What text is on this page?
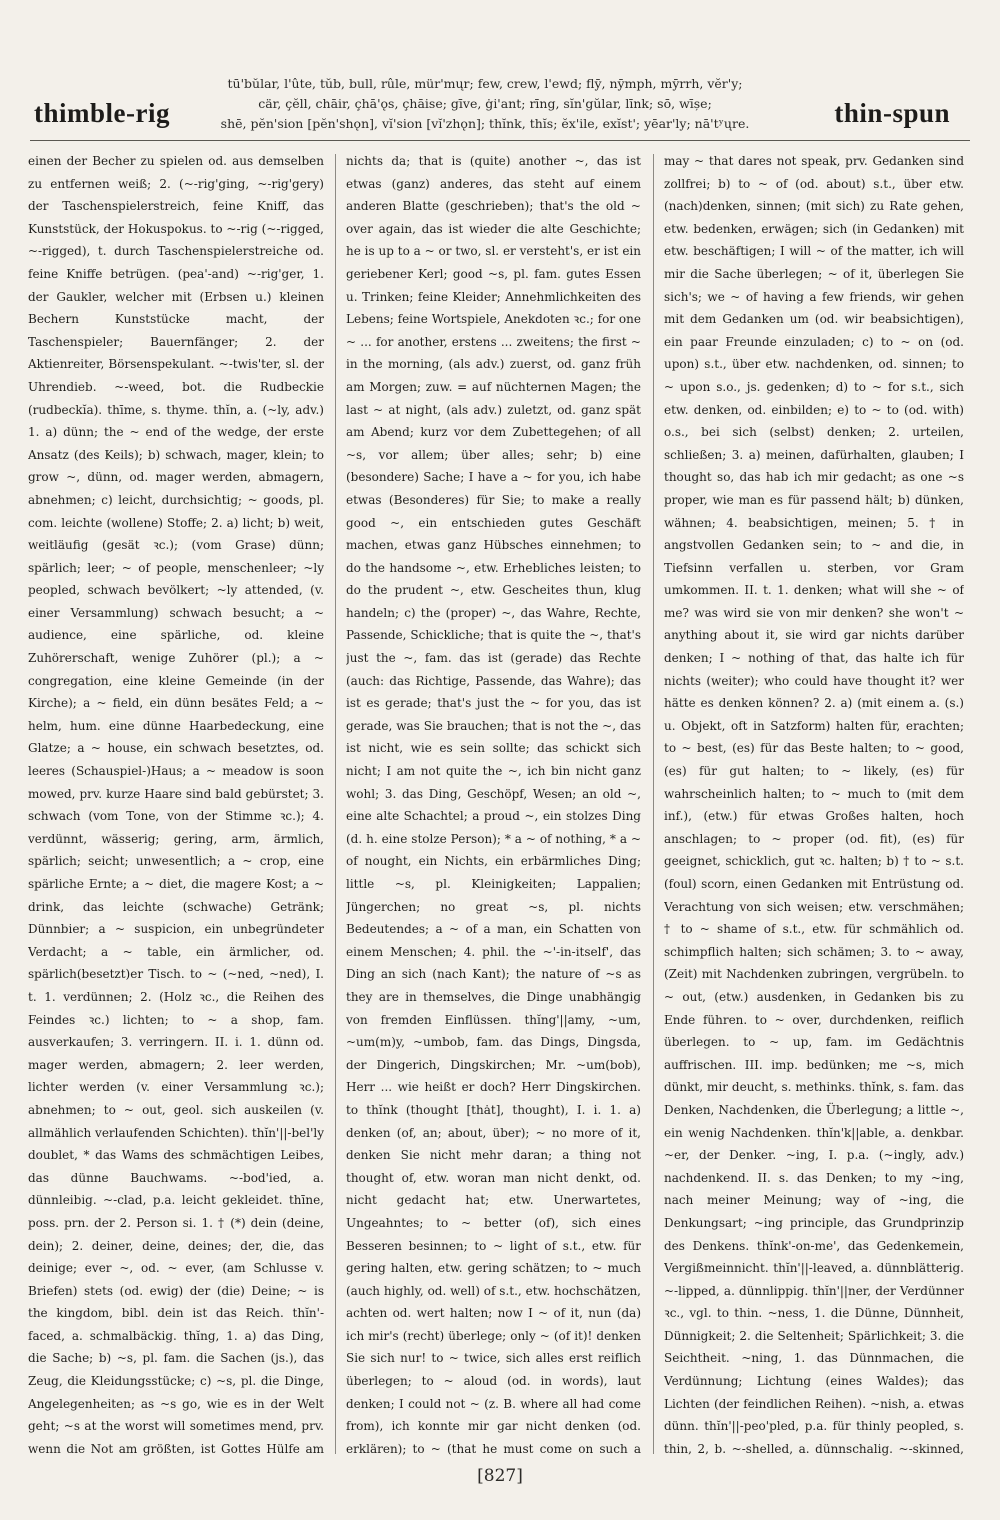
thimble-rig
tū'bŭlar, l'ûte, tŭb, bull, rûle, mür'mųr; few, crew, l'ewd; flȳ, nȳmph, mȳrrh, vĕr'y;
cär, çĕll, chāir, çhā'ǫs, çhāise; gīve, ġi'ant; rīng, sĭn'gŭlar, līnk; sō, wīșe;
shē, pĕn'sion [pĕn'shǫn], vĭ'sion [vĭ'zhǫn]; thĭnk, thĭs; ĕx'ile, exĭst'; yēar'ly; nā'tʸųre.	thin-spun

einen der Becher zu spielen od. aus demselben zu entfernen weiß; 2. (~-rig'ging, ~-rig'gery) der Taschenspielerstreich, feine Kniff, das Kunststück, der Hokuspokus. to ~-rig (~-rigged, ~-rigged), t. durch Taschenspielerstreiche od. feine Kniffe betrügen. (pea'-and) ~-rig'ger, 1. der Gaukler, welcher mit (Erbsen u.) kleinen Bechern Kunststücke macht, der Taschenspieler; Bauernfänger; 2. der Aktienreiter, Börsenspekulant. ~-twis'ter, sl. der Uhrendieb. ~-weed, bot. die Rudbeckie (rudbeckĭa). thīme, s. thyme. thĭn, a. (~ly, adv.) 1. a) dünn; the ~ end of the wedge, der erste Ansatz (des Keils); b) schwach, mager, klein; to grow ~, dünn, od. mager werden, abmagern, abnehmen; c) leicht, durchsichtig; ~ goods, pl. com. leichte (wollene) Stoffe; 2. a) licht; b) weit, weitläufig (gesät ꝛc.); (vom Grase) dünn; spärlich; leer; ~ of people, menschenleer; ~ly peopled, schwach bevölkert; ~ly attended, (v. einer Versammlung) schwach besucht; a ~ audience, eine spärliche, od. kleine Zuhörerschaft, wenige Zuhörer (pl.); a ~ congregation, eine kleine Gemeinde (in der Kirche); a ~ field, ein dünn besätes Feld; a ~ helm, hum. eine dünne Haarbedeckung, eine Glatze; a ~ house, ein schwach besetztes, od. leeres (Schauspiel-)Haus; a ~ meadow is soon mowed, prv. kurze Haare sind bald gebürstet; 3. schwach (vom Tone, von der Stimme ꝛc.); 4. verdünnt, wässerig; gering, arm, ärmlich, spärlich; seicht; unwesentlich; a ~ crop, eine spärliche Ernte; a ~ diet, die magere Kost; a ~ drink, das leichte (schwache) Getränk; Dünnbier; a ~ suspicion, ein unbegründeter Verdacht; a ~ table, ein ärmlicher, od. spärlich(besetzt)er Tisch. to ~ (~ned, ~ned), I. t. 1. verdünnen; 2. (Holz ꝛc., die Reihen des Feindes ꝛc.) lichten; to ~ a shop, fam. ausverkaufen; 3. verringern. II. i. 1. dünn od. mager werden, abmagern; 2. leer werden, lichter werden (v. einer Versammlung ꝛc.); abnehmen; to ~ out, geol. sich auskeilen (v. allmählich verlaufenden Schichten). thĭn'||-bel'ly doublet, * das Wams des schmächtigen Leibes, das dünne Bauchwams. ~-bod'ied, a. dünnleibig. ~-clad, p.a. leicht gekleidet. thīne, poss. prn. der 2. Person si. 1. † (*) dein (deine, dein); 2. deiner, deine, deines; der, die, das deinige; ever ~, od. ~ ever, (am Schlusse v. Briefen) stets (od. ewig) der (die) Deine; ~ is the kingdom, bibl. dein ist das Reich. thĭn'-faced, a. schmalbäckig. thĭng, 1. a) das Ding, die Sache; b) ~s, pl. fam. die Sachen (js.), das Zeug, die Kleidungsstücke; c) ~s, pl. die Dinge, Angelegenheiten; as ~s go, wie es in der Welt geht; ~s at the worst will sometimes mend, prv. wenn die Not am größten, ist Gottes Hülfe am

nichts da; that is (quite) another ~, das ist etwas (ganz) anderes, das steht auf einem anderen Blatte (geschrieben); that's the old ~ over again, das ist wieder die alte Geschichte; he is up to a ~ or two, sl. er versteht's, er ist ein geriebener Kerl; good ~s, pl. fam. gutes Essen u. Trinken; feine Kleider; Annehmlichkeiten des Lebens; feine Wortspiele, Anekdoten ꝛc.; for one ~ ... for another, erstens ... zweitens; the first ~ in the morning, (als adv.) zuerst, od. ganz früh am Morgen; zuw. = auf nüchternen Magen; the last ~ at night, (als adv.) zuletzt, od. ganz spät am Abend; kurz vor dem Zubettegehen; of all ~s, vor allem; über alles; sehr; b) eine (besondere) Sache; I have a ~ for you, ich habe etwas (Besonderes) für Sie; to make a really good ~, ein entschieden gutes Geschäft machen, etwas ganz Hübsches einnehmen; to do the handsome ~, etw. Erhebliches leisten; to do the prudent ~, etw. Gescheites thun, klug handeln; c) the (proper) ~, das Wahre, Rechte, Passende, Schickliche; that is quite the ~, that's just the ~, fam. das ist (gerade) das Rechte (auch: das Richtige, Passende, das Wahre); das ist es gerade; that's just the ~ for you, das ist gerade, was Sie brauchen; that is not the ~, das ist nicht, wie es sein sollte; das schickt sich nicht; I am not quite the ~, ich bin nicht ganz wohl; 3. das Ding, Geschöpf, Wesen; an old ~, eine alte Schachtel; a proud ~, ein stolzes Ding (d. h. eine stolze Person); * a ~ of nothing, * a ~ of nought, ein Nichts, ein erbärmliches Ding; little ~s, pl. Kleinigkeiten; Lappalien; Jüngerchen; no great ~s, pl. nichts Bedeutendes; a ~ of a man, ein Schatten von einem Menschen; 4. phil. the ~'-in-itself', das Ding an sich (nach Kant); the nature of ~s as they are in themselves, die Dinge unabhängig von fremden Einflüssen. thĭng'||amy, ~um, ~um(m)y, ~umbob, fam. das Dings, Dingsda, der Dingerich, Dingskirchen; Mr. ~um(bob), Herr ... wie heißt er doch? Herr Dingskirchen. to thĭnk (thought [thȧt], thought), I. i. 1. a) denken (of, an; about, über); ~ no more of it, denken Sie nicht mehr daran; a thing not thought of, etw. woran man nicht denkt, od. nicht gedacht hat; etw. Unerwartetes, Ungeahntes; to ~ better (of), sich eines Besseren besinnen; to ~ light of s.t., etw. für gering halten, etw. gering schätzen; to ~ much (auch highly, od. well) of s.t., etw. hochschätzen, achten od. wert halten; now I ~ of it, nun (da) ich mir's (recht) überlege; only ~ (of it)! denken Sie sich nur! to ~ twice, sich alles erst reiflich überlegen; to ~ aloud (od. in words), laut denken; I could not ~ (z. B. where all had come from), ich konnte mir gar nicht denken (od. erklären); to ~ (that he must come on such a

may ~ that dares not speak, prv. Gedanken sind zollfrei; b) to ~ of (od. about) s.t., über etw. (nach)denken, sinnen; (mit sich) zu Rate gehen, etw. bedenken, erwägen; sich (in Gedanken) mit etw. beschäftigen; I will ~ of the matter, ich will mir die Sache überlegen; ~ of it, überlegen Sie sich's; we ~ of having a few friends, wir gehen mit dem Gedanken um (od. wir beabsichtigen), ein paar Freunde einzuladen; c) to ~ on (od. upon) s.t., über etw. nachdenken, od. sinnen; to ~ upon s.o., js. gedenken; d) to ~ for s.t., sich etw. denken, od. einbilden; e) to ~ to (od. with) o.s., bei sich (selbst) denken; 2. urteilen, schließen; 3. a) meinen, dafürhalten, glauben; I thought so, das hab ich mir gedacht; as one ~s proper, wie man es für passend hält; b) dünken, wähnen; 4. beabsichtigen, meinen; 5. † in angstvollen Gedanken sein; to ~ and die, in Tiefsinn verfallen u. sterben, vor Gram umkommen. II. t. 1. denken; what will she ~ of me? was wird sie von mir denken? she won't ~ anything about it, sie wird gar nichts darüber denken; I ~ nothing of that, das halte ich für nichts (weiter); who could have thought it? wer hätte es denken können? 2. a) (mit einem a. (s.) u. Objekt, oft in Satzform) halten für, erachten; to ~ best, (es) für das Beste halten; to ~ good, (es) für gut halten; to ~ likely, (es) für wahrscheinlich halten; to ~ much to (mit dem inf.), (etw.) für etwas Großes halten, hoch anschlagen; to ~ proper (od. fit), (es) für geeignet, schicklich, gut ꝛc. halten; b) † to ~ s.t. (foul) scorn, einen Gedanken mit Entrüstung od. Verachtung von sich weisen; etw. verschmähen; † to ~ shame of s.t., etw. für schmählich od. schimpflich halten; sich schämen; 3. to ~ away, (Zeit) mit Nachdenken zubringen, vergrübeln. to ~ out, (etw.) ausdenken, in Gedanken bis zu Ende führen. to ~ over, durchdenken, reiflich überlegen. to ~ up, fam. im Gedächtnis auffrischen. III. imp. bedünken; me ~s, mich dünkt, mir deucht, s. methinks. thĭnk, s. fam. das Denken, Nachdenken, die Überlegung; a little ~, ein wenig Nachdenken. thĭn'k||able, a. denkbar. ~er, der Denker. ~ing, I. p.a. (~ingly, adv.) nachdenkend. II. s. das Denken; to my ~ing, nach meiner Meinung; way of ~ing, die Denkungsart; ~ing principle, das Grundprinzip des Denkens. thĭnk'-on-me', das Gedenkemein, Vergißmeinnicht. thĭn'||-leaved, a. dünnblätterig. ~-lipped, a. dünnlippig. thĭn'||ner, der Verdünner ꝛc., vgl. to thin. ~ness, 1. die Dünne, Dünnheit, Dünnigkeit; 2. die Seltenheit; Spärlichkeit; 3. die Seichtheit. ~ning, 1. das Dünnmachen, die Verdünnung; Lichtung (eines Waldes); das Lichten (der feindlichen Reihen). ~nish, a. etwas dünn. thĭn'||-peo'pled, p.a. für thinly peopled, s. thin, 2, b. ~-shelled, a. dünnschalig. ~-skinned,

[827]
